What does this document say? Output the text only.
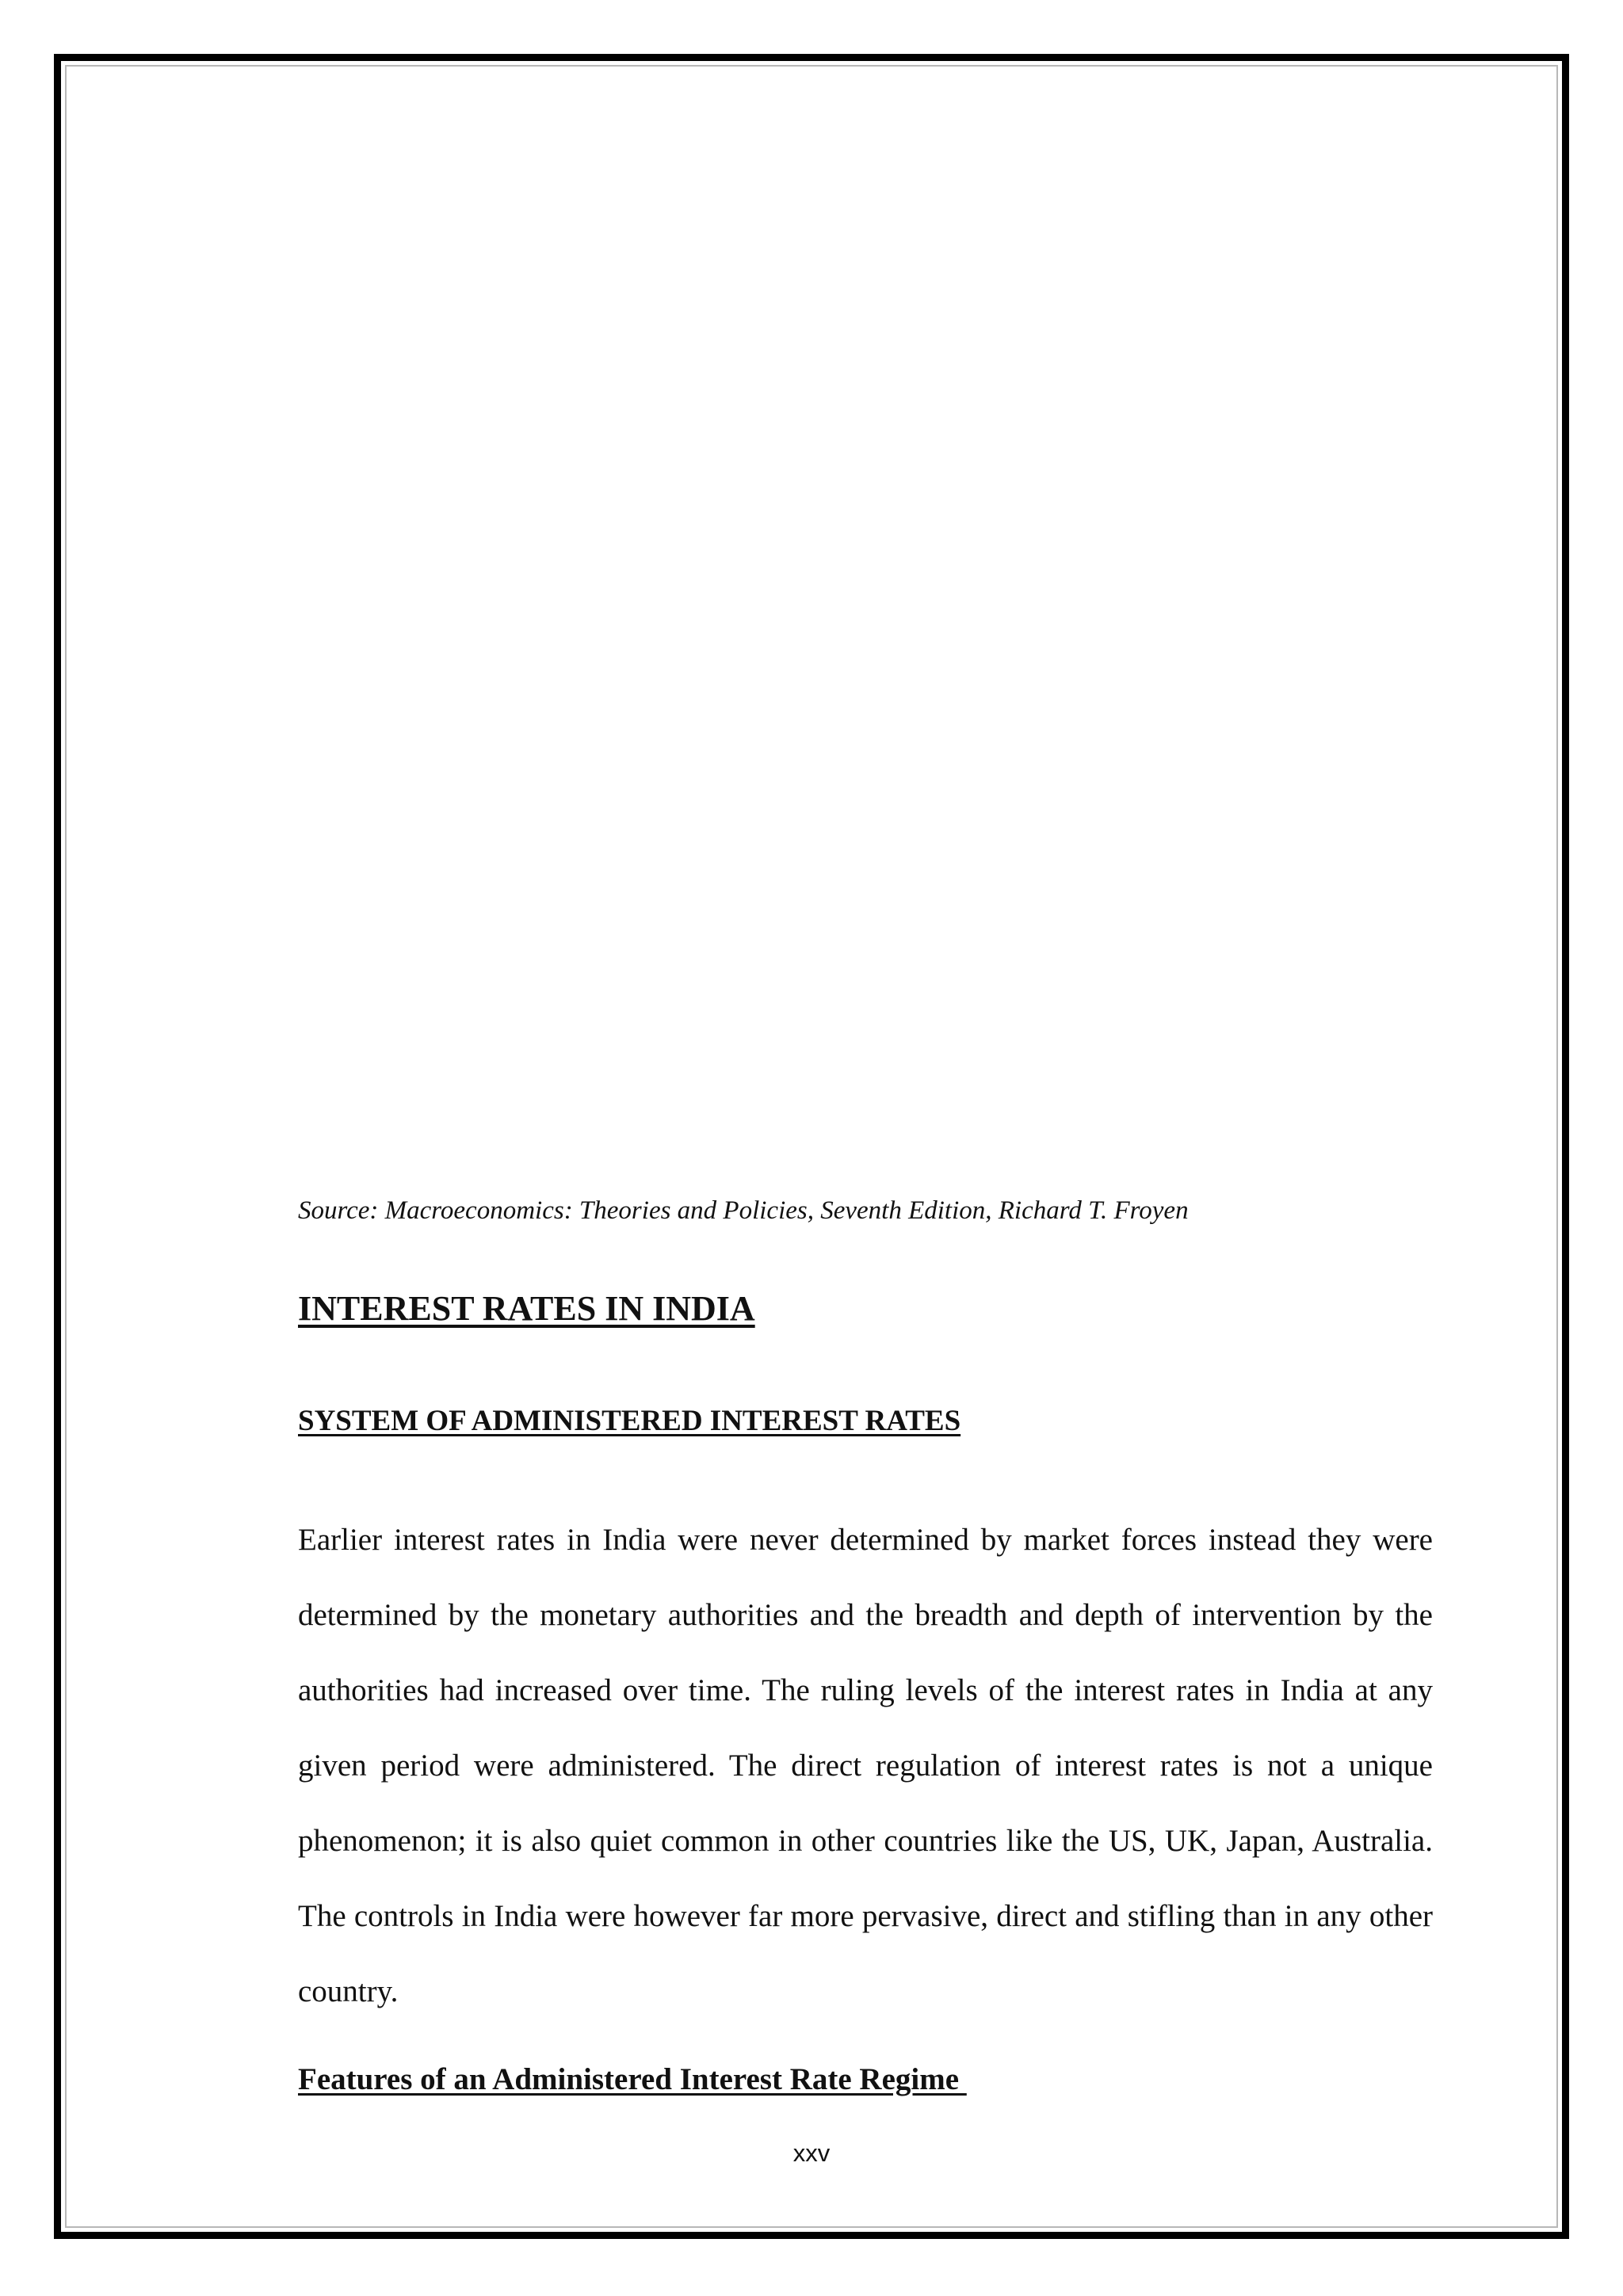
Source: Macroeconomics: Theories and Policies, Seventh Edition, Richard T. Froyen
INTEREST RATES IN INDIA
SYSTEM OF ADMINISTERED INTEREST RATES

Earlier interest rates in India were never determined by market forces instead they were determined by the monetary authorities and the breadth and depth of intervention by the authorities had increased over time. The ruling levels of the interest rates in India at any given period were administered. The direct regulation of interest rates is not a unique phenomenon; it is also quiet common in other countries like the US, UK, Japan, Australia. The controls in India were however far more pervasive, direct and stifling than in any other country.

Features of an Administered Interest Rate Regime
xxv
